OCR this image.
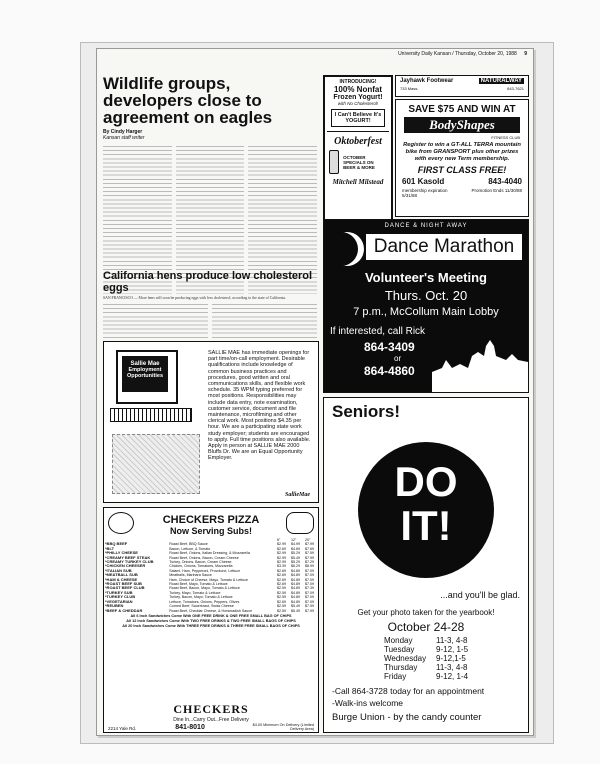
University Daily Kansan / Thursday, October 20, 1988 9
Wildlife groups, developers close to agreement on eagles
By Cindy Harger
Kansan staff writer
California hens produce low cholesterol eggs
SAN FRANCISCO — More hens will soon be producing eggs with less cholesterol, according to the state of California.
INTRODUCING!
100% Nonfat
Frozen Yogurt!
with No Cholesterol!
I Can't Believe It's YOGURT!
Oktoberfest
OCTOBER SPECIALS ON BEER & MORE
Mitchell Milstead
Jayhawk Footwear	NATURALWAY
733 Mass.	843-7621
SAVE $75 AND WIN AT
BodyShapes
FITNESS CLUB
Register to win a GT-ALL TERRA mountain bike from GRANSPORT plus other prizes with every new Term membership.
FIRST CLASS FREE!
601 Kasold	843-4040
membership expiration 5/31/88
Promotion Ends 11/30/88
DANCE & NIGHT AWAY
Dance Marathon
Volunteer's Meeting
Thurs. Oct. 20
7 p.m., McCollum Main Lobby
If interested, call Rick
864-3409
or
864-4860
Sallie Mae
Employment
Opportunities
SALLIE MAE has immediate openings for part time/on-call employment. Desirable qualifications include knowledge of common business practices and procedures, good written and oral communications skills, and flexible work schedule. 35 WPM typing preferred for most positions. Responsibilities may include data entry, note examination, customer service, document and file maintenance, microfilming and other clerical work. Most positions $4.35 per hour. We are a participating state work study employer; students are encouraged to apply. Full time positions also available. Apply in person at SALLIE MAE 2000 Bluffs Dr. We are an Equal Opportunity Employer.
SallieMae
CHECKERS PIZZA
Now Serving Subs!
		6"	12"	20"
*BBQ BEEF	Roast Beef, BBQ Sauce	$2.99	$4.99	$7.99
*BLT	Bacon, Lettuce, & Tomato	$2.69	$4.69	$7.69
*PHILLY CHEESE	Roast Beef, Onions, Italian Dressing, & Mozzarella	$2.99	$5.29	$7.59
*CREAMY BEEF STEAK	Roast Beef, Onions, Bacon, Cream Cheese	$2.99	$5.49	$7.99
*CREAMY TURKEY CLUB	Turkey, Onions, Bacon, Cream Cheese	$2.99	$5.29	$7.29
*CHICKEN CHEESER	Chicken, Onions, Tomatoes, Mozzarella	$3.39	$6.29	$8.99
*ITALIAN SUB	Salami, Ham, Pepperoni, Provolone, Lettuce	$2.69	$4.89	$7.09
*MEATBALL SUB	Meatballs, Marinara Sauce	$2.69	$4.89	$7.09
*HAM & CHEESE	Ham, Choice of Cheese, Mayo, Tomato & Lettuce	$2.69	$4.89	$7.09
*ROAST BEEF SUB	Roast Beef, Mayo, Tomato & Lettuce	$2.69	$4.89	$7.09
*ROAST BEEF CLUB	Roast Beef, Bacon, Mayo, Tomato & Lettuce	$2.59	$4.89	$7.39
*TURKEY SUB	Turkey, Mayo, Tomato & Lettuce	$2.59	$4.89	$7.09
*TURKEY CLUB	Turkey, Bacon, Mayo, Tomato & Lettuce	$2.59	$4.89	$7.09
*VEGETARIAN	Lettuce, Tomatoes, Onions, Peppers, Olives	$2.69	$4.89	$7.09
*REUBEN	Corned Beef, Sauerkraut, Swiss Cheese	$2.59	$5.49	$7.99
*BEEF & CHEDDAR	Roast Beef, Cheddar Cheese, & Horseradish Sauce	$2.59	$5.49	$7.99
All 6 Inch Sandwiches Come With ONE FREE DRINK & ONE FREE SMALL BAG OF CHIPS
All 12 Inch Sandwiches Come With TWO FREE DRINKS & TWO FREE SMALL BAGS OF CHIPS
All 20 Inch Sandwiches Come With THREE FREE DRINKS & THREE FREE SMALL BAGS OF CHIPS
CHECKERS
Dine In...Carry Out...Free Delivery
2214 Yale Rd.	841-8010	$4.00 Minimum On Delivery (Limited Delivery Area)
Seniors!
DO
IT!
...and you'll be glad.
Get your photo taken for the yearbook!
October 24-28
Monday	11-3, 4-8
Tuesday	9-12, 1-5
Wednesday	9-12,1-5
Thursday	11-3, 4-8
Friday	9-12, 1-4
-Call 864-3728 today for an appointment
-Walk-ins welcome
Burge Union - by the candy counter
